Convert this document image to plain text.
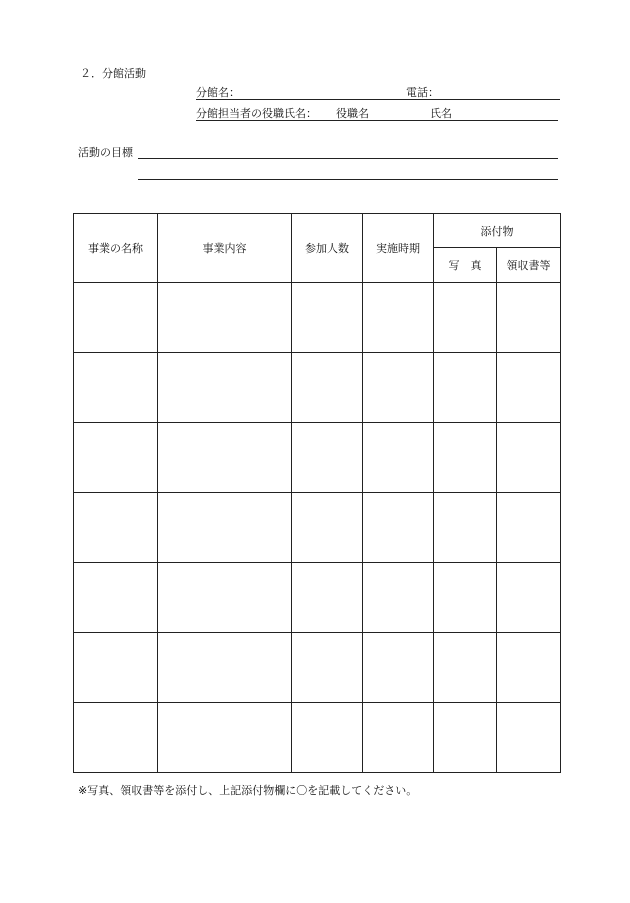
２．分館活動
分館名：	電話：
分館担当者の役職氏名： 役職名	氏名
活動の目標
事業の名称	事業内容	参加人数	実施時期	添付物	
				写　真	領収書等

※写真、領収書等を添付し、上記添付物欄に〇を記載してください。
